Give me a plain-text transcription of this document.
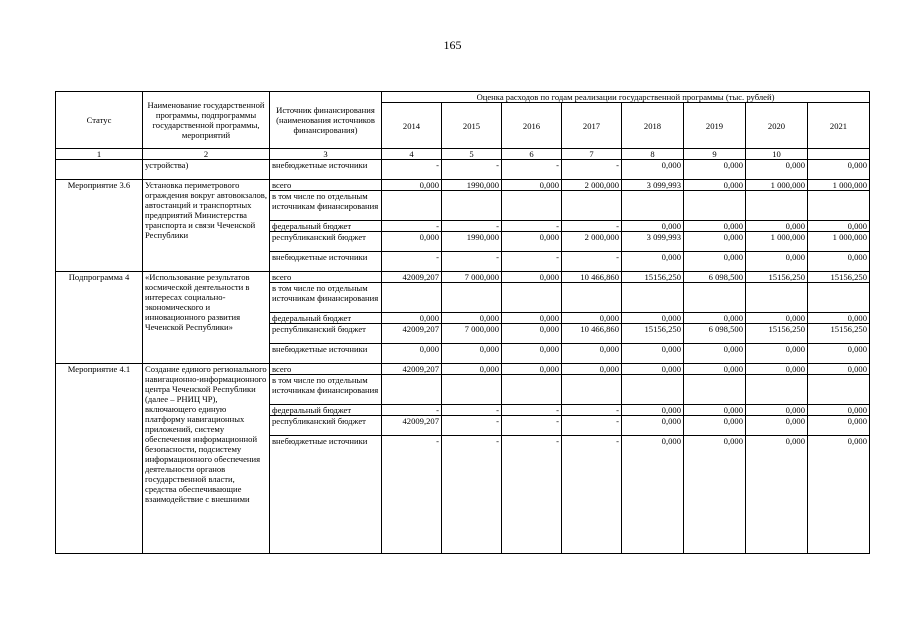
165
Статус	Наименование государственной программы, подпрограммы государственной программы, мероприятий	Источник финансирования (наименования источников финансирования)	Оценка расходов по годам реализации государственной программы (тыс. рублей)							
			2014	2015	2016	2017	2018	2019	2020	2021
1	2	3	4	5	6	7	8	9	10	
	устройства)	внебюджетные источники	-	-	-	-	0,000	0,000	0,000	0,000
Мероприятие 3.6	Установка периметрового ограждения вокруг автовокзалов, автостанций и транспортных предприятий Министерства транспорта и связи Чеченской Республики	всего	0,000	1990,000	0,000	2 000,000	3 099,993	0,000	1 000,000	1 000,000
		в том числе по отдельным источникам финансирования								
		федеральный бюджет	-	-	-	-	0,000	0,000	0,000	0,000
		республиканский бюджет	0,000	1990,000	0,000	2 000,000	3 099,993	0,000	1 000,000	1 000,000
		внебюджетные источники	-	-	-	-	0,000	0,000	0,000	0,000
Подпрограмма 4	«Использование результатов космической деятельности в интересах социально-экономического и инновационного развития Чеченской Республики»	всего	42009,207	7 000,000	0,000	10 466,860	15156,250	6 098,500	15156,250	15156,250
		в том числе по отдельным источникам финансирования								
		федеральный бюджет	0,000	0,000	0,000	0,000	0,000	0,000	0,000	0,000
		республиканский бюджет	42009,207	7 000,000	0,000	10 466,860	15156,250	6 098,500	15156,250	15156,250
		внебюджетные источники	0,000	0,000	0,000	0,000	0,000	0,000	0,000	0,000
Мероприятие 4.1	Создание единого регионального навигационно-информационного центра Чеченской Республики (далее – РНИЦ ЧР), включающего единую платформу навигационных приложений, систему обеспечения информационной безопасности, подсистему информационного обеспечения деятельности органов государственной власти, средства обеспечивающие взаимодействие с внешними	всего	42009,207	0,000	0,000	0,000	0,000	0,000	0,000	0,000
		в том числе по отдельным источникам финансирования								
		федеральный бюджет	-	-	-	-	0,000	0,000	0,000	0,000
		республиканский бюджет	42009,207	-	-	-	0,000	0,000	0,000	0,000
		внебюджетные источники	-	-	-	-	0,000	0,000	0,000	0,000
